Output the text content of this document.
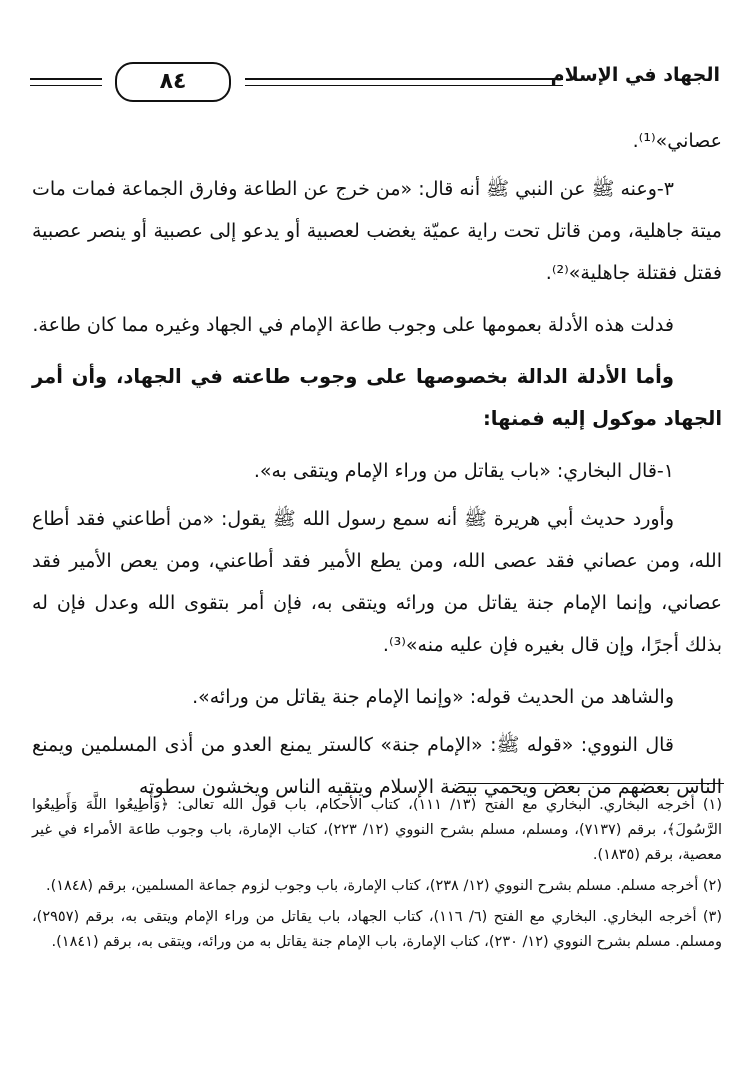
٨٤	الجهاد في الإسلام

عصاني»⁽¹⁾.

٣-وعنه ﷺ عن النبي ﷺ أنه قال: «من خرج عن الطاعة وفارق الجماعة فمات مات ميتة جاهلية، ومن قاتل تحت راية عميّة يغضب لعصبية أو يدعو إلى عصبية أو ينصر عصبية فقتل فقتلة جاهلية»⁽²⁾.

فدلت هذه الأدلة بعمومها على وجوب طاعة الإمام في الجهاد وغيره مما كان طاعة.

وأما الأدلة الدالة بخصوصها على وجوب طاعته في الجهاد، وأن أمر الجهاد موكول إليه فمنها:

١-قال البخاري: «باب يقاتل من وراء الإمام ويتقى به».

وأورد حديث أبي هريرة ﷺ أنه سمع رسول الله ﷺ يقول: «من أطاعني فقد أطاع الله، ومن عصاني فقد عصى الله، ومن يطع الأمير فقد أطاعني، ومن يعص الأمير فقد عصاني، وإنما الإمام جنة يقاتل من ورائه ويتقى به، فإن أمر بتقوى الله وعدل فإن له بذلك أجرًا، وإن قال بغيره فإن عليه منه»⁽³⁾.

والشاهد من الحديث قوله: «وإنما الإمام جنة يقاتل من ورائه».

قال النووي: «قوله ﷺ: «الإمام جنة» كالستر يمنع العدو من أذى المسلمين ويمنع الناس بعضهم من بعض ويحمي بيضة الإسلام ويتقيه الناس ويخشون سطوته

(١) أخرجه البخاري. البخاري مع الفتح (١٣/ ١١١)، كتاب الأحكام، باب قول الله تعالى: ﴿وَأَطِيعُوا اللَّهَ وَأَطِيعُوا الرَّسُولَ﴾، برقم (٧١٣٧)، ومسلم، مسلم بشرح النووي (١٢/ ٢٢٣)، كتاب الإمارة، باب وجوب طاعة الأمراء في غير معصية، برقم (١٨٣٥).

(٢) أخرجه مسلم. مسلم بشرح النووي (١٢/ ٢٣٨)، كتاب الإمارة، باب وجوب لزوم جماعة المسلمين، برقم (١٨٤٨).

(٣) أخرجه البخاري. البخاري مع الفتح (٦/ ١١٦)، كتاب الجهاد، باب يقاتل من وراء الإمام ويتقى به، برقم (٢٩٥٧)، ومسلم. مسلم بشرح النووي (١٢/ ٢٣٠)، كتاب الإمارة، باب الإمام جنة يقاتل به من ورائه، ويتقى به، برقم (١٨٤١).
